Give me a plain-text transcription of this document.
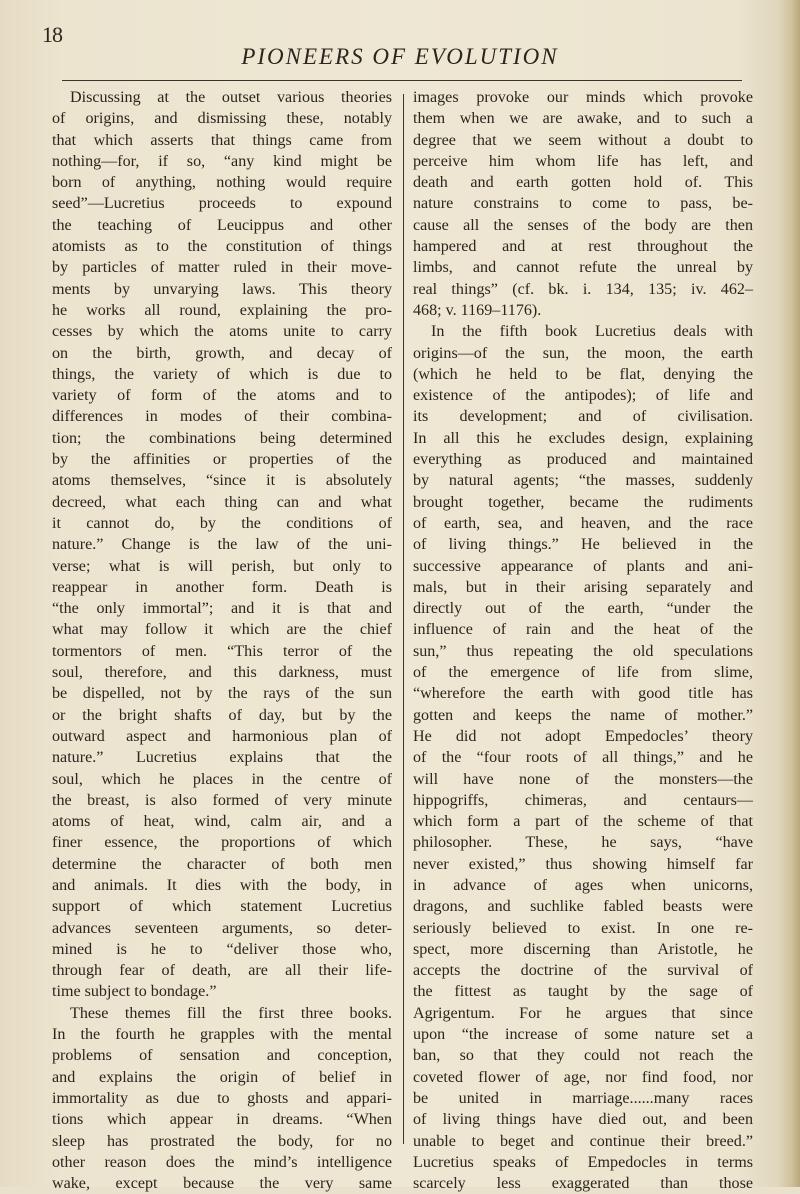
18
PIONEERS OF EVOLUTION
Discussing at the outset various theories
of origins, and dismissing these, notably
that which asserts that things came from
nothing—for, if so, “any kind might be
born of anything, nothing would require
seed”—Lucretius proceeds to expound
the teaching of Leucippus and other
atomists as to the constitution of things
by particles of matter ruled in their move-
ments by unvarying laws. This theory
he works all round, explaining the pro-
cesses by which the atoms unite to carry
on the birth, growth, and decay of
things, the variety of which is due to
variety of form of the atoms and to
differences in modes of their combina-
tion; the combinations being determined
by the affinities or properties of the
atoms themselves, “since it is absolutely
decreed, what each thing can and what
it cannot do, by the conditions of
nature.” Change is the law of the uni-
verse; what is will perish, but only to
reappear in another form. Death is
“the only immortal”; and it is that and
what may follow it which are the chief
tormentors of men. “This terror of the
soul, therefore, and this darkness, must
be dispelled, not by the rays of the sun
or the bright shafts of day, but by the
outward aspect and harmonious plan of
nature.” Lucretius explains that the
soul, which he places in the centre of
the breast, is also formed of very minute
atoms of heat, wind, calm air, and a
finer essence, the proportions of which
determine the character of both men
and animals. It dies with the body, in
support of which statement Lucretius
advances seventeen arguments, so deter-
mined is he to “deliver those who,
through fear of death, are all their life-
time subject to bondage.”
These themes fill the first three books.
In the fourth he grapples with the mental
problems of sensation and conception,
and explains the origin of belief in
immortality as due to ghosts and appari-
tions which appear in dreams. “When
sleep has prostrated the body, for no
other reason does the mind’s intelligence
wake, except because the very same
images provoke our minds which provoke
them when we are awake, and to such a
degree that we seem without a doubt to
perceive him whom life has left, and
death and earth gotten hold of. This
nature constrains to come to pass, be-
cause all the senses of the body are then
hampered and at rest throughout the
limbs, and cannot refute the unreal by
real things” (cf. bk. i. 134, 135; iv. 462–
468; v. 1169–1176).
In the fifth book Lucretius deals with
origins—of the sun, the moon, the earth
(which he held to be flat, denying the
existence of the antipodes); of life and
its development; and of civilisation.
In all this he excludes design, explaining
everything as produced and maintained
by natural agents; “the masses, suddenly
brought together, became the rudiments
of earth, sea, and heaven, and the race
of living things.” He believed in the
successive appearance of plants and ani-
mals, but in their arising separately and
directly out of the earth, “under the
influence of rain and the heat of the
sun,” thus repeating the old speculations
of the emergence of life from slime,
“wherefore the earth with good title has
gotten and keeps the name of mother.”
He did not adopt Empedocles’ theory
of the “four roots of all things,” and he
will have none of the monsters—the
hippogriffs, chimeras, and centaurs—
which form a part of the scheme of that
philosopher. These, he says, “have
never existed,” thus showing himself far
in advance of ages when unicorns,
dragons, and suchlike fabled beasts were
seriously believed to exist. In one re-
spect, more discerning than Aristotle, he
accepts the doctrine of the survival of
the fittest as taught by the sage of
Agrigentum. For he argues that since
upon “the increase of some nature set a
ban, so that they could not reach the
coveted flower of age, nor find food, nor
be united in marriage......many races
of living things have died out, and been
unable to beget and continue their breed.”
Lucretius speaks of Empedocles in terms
scarcely less exaggerated than those
